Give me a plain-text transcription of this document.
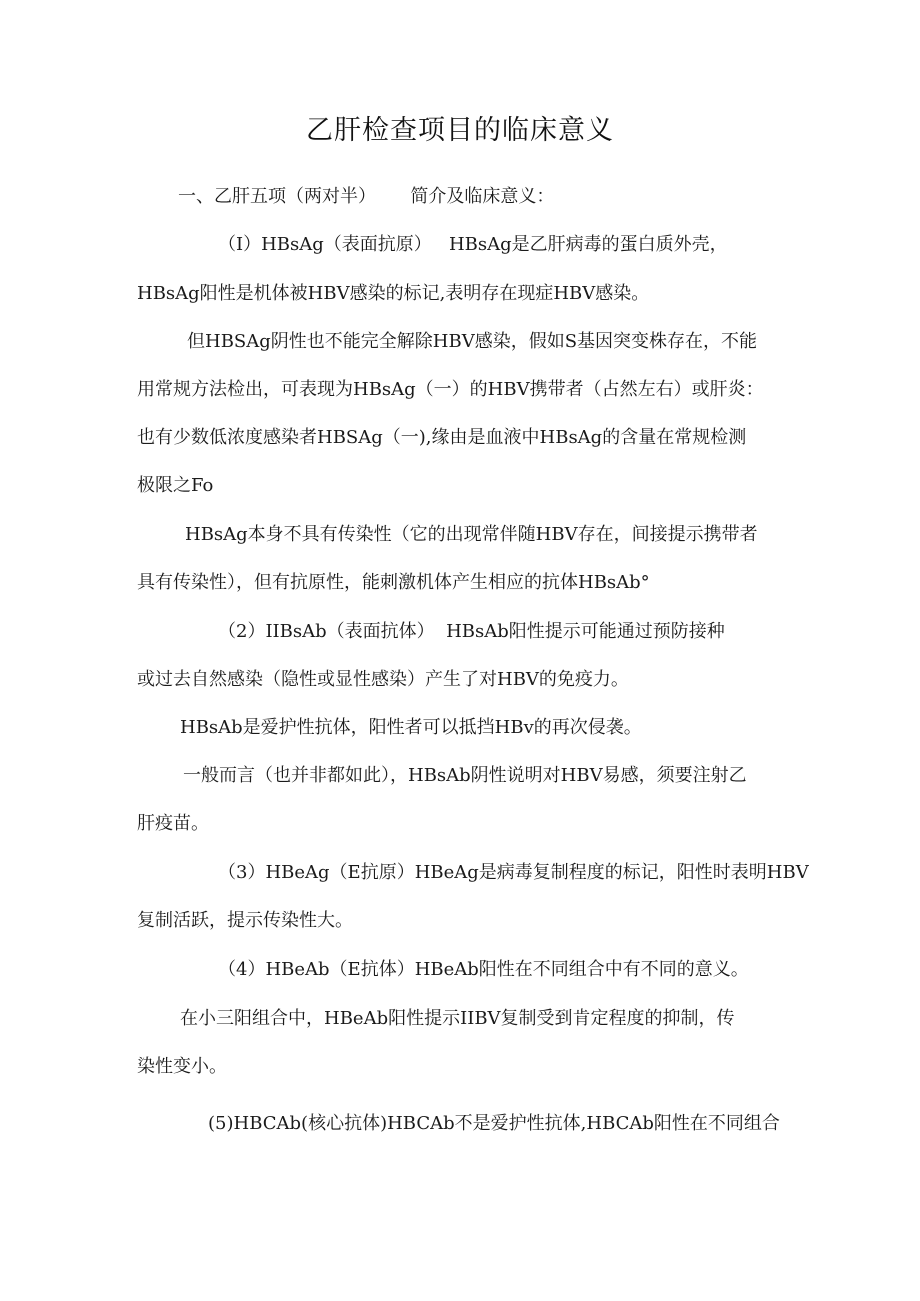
乙肝检查项目的临床意义
一、乙肝五项（两对半）      简介及临床意义：
（I）HBsAg（表面抗原）   HBsAg是乙肝病毒的蛋白质外壳，
HBsAg阳性是机体被HBV感染的标记,表明存在现症HBV感染。
但HBSAg阴性也不能完全解除HBV感染，假如S基因突变株存在，不能
用常规方法检出，可表现为HBsAg（一）的HBV携带者（占然左右）或肝炎：
也有少数低浓度感染者HBSAg（一),缘由是血液中HBsAg的含量在常规检测
极限之Fo
HBsAg本身不具有传染性（它的出现常伴随HBV存在，间接提示携带者
具有传染性），但有抗原性，能刺激机体产生相应的抗体HBsAb°
（2）IIBsAb（表面抗体）  HBsAb阳性提示可能通过预防接种
或过去自然感染（隐性或显性感染）产生了对HBV的免疫力。
HBsAb是爱护性抗体，阳性者可以抵挡HBv的再次侵袭。
一般而言（也并非都如此），HBsAb阴性说明对HBV易感，须要注射乙
肝疫苗。
（3）HBeAg（E抗原）HBeAg是病毒复制程度的标记，阳性时表明HBV
复制活跃，提示传染性大。
（4）HBeAb（E抗体）HBeAb阳性在不同组合中有不同的意义。
在小三阳组合中，HBeAb阳性提示IIBV复制受到肯定程度的抑制，传
染性变小。
(5)HBCAb(核心抗体)HBCAb不是爱护性抗体,HBCAb阳性在不同组合
